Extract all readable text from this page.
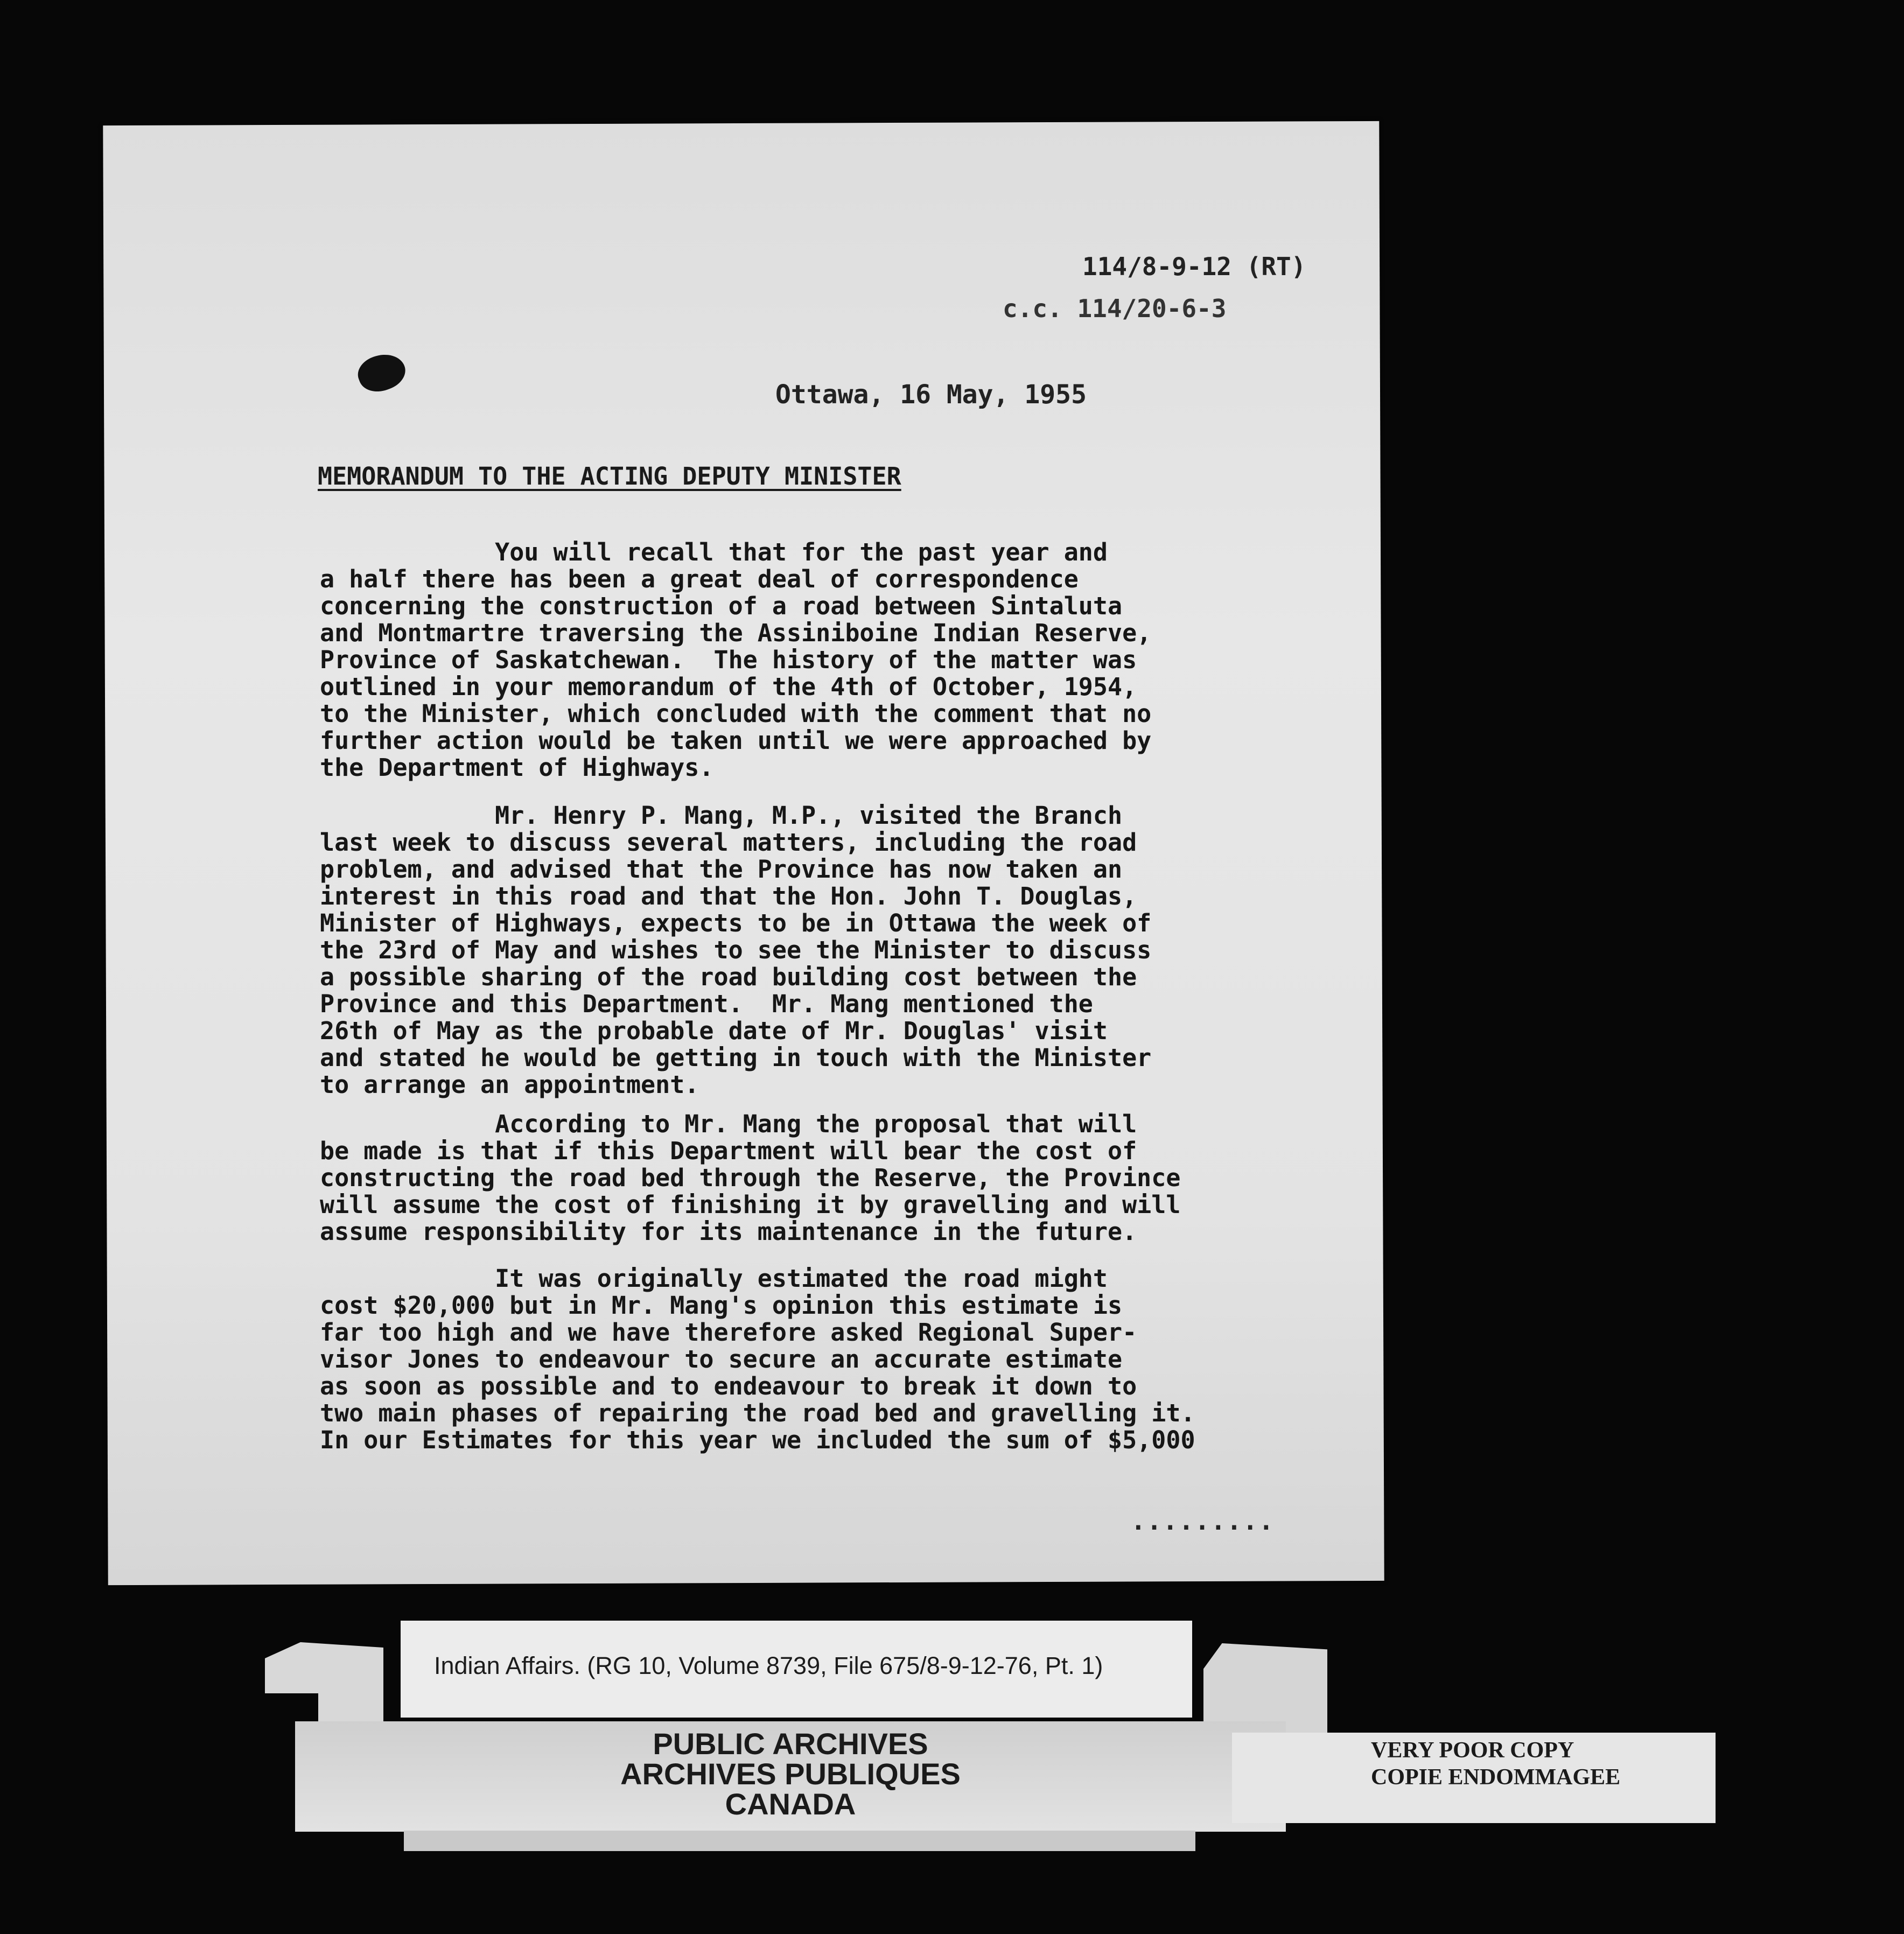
114/8-9-12 (RT)
c.c. 114/20-6-3
Ottawa, 16 May, 1955
MEMORANDUM TO THE ACTING DEPUTY MINISTER

You will recall that for the past year and
a half there has been a great deal of correspondence
concerning the construction of a road between Sintaluta
and Montmartre traversing the Assiniboine Indian Reserve,
Province of Saskatchewan.  The history of the matter was
outlined in your memorandum of the 4th of October, 1954,
to the Minister, which concluded with the comment that no
further action would be taken until we were approached by
the Department of Highways.

Mr. Henry P. Mang, M.P., visited the Branch
last week to discuss several matters, including the road
problem, and advised that the Province has now taken an
interest in this road and that the Hon. John T. Douglas,
Minister of Highways, expects to be in Ottawa the week of
the 23rd of May and wishes to see the Minister to discuss
a possible sharing of the road building cost between the
Province and this Department.  Mr. Mang mentioned the
26th of May as the probable date of Mr. Douglas' visit
and stated he would be getting in touch with the Minister
to arrange an appointment.

According to Mr. Mang the proposal that will
be made is that if this Department will bear the cost of
constructing the road bed through the Reserve, the Province
will assume the cost of finishing it by gravelling and will
assume responsibility for its maintenance in the future.

It was originally estimated the road might
cost $20,000 but in Mr. Mang's opinion this estimate is
far too high and we have therefore asked Regional Super-
visor Jones to endeavour to secure an accurate estimate
as soon as possible and to endeavour to break it down to
two main phases of repairing the road bed and gravelling it.
In our Estimates for this year we included the sum of $5,000

.........
PUBLIC ARCHIVES
ARCHIVES PUBLIQUES
CANADA
Indian Affairs. (RG 10, Volume 8739, File 675/8-9-12-76, Pt. 1)
VERY POOR COPY
COPIE ENDOMMAGEE
